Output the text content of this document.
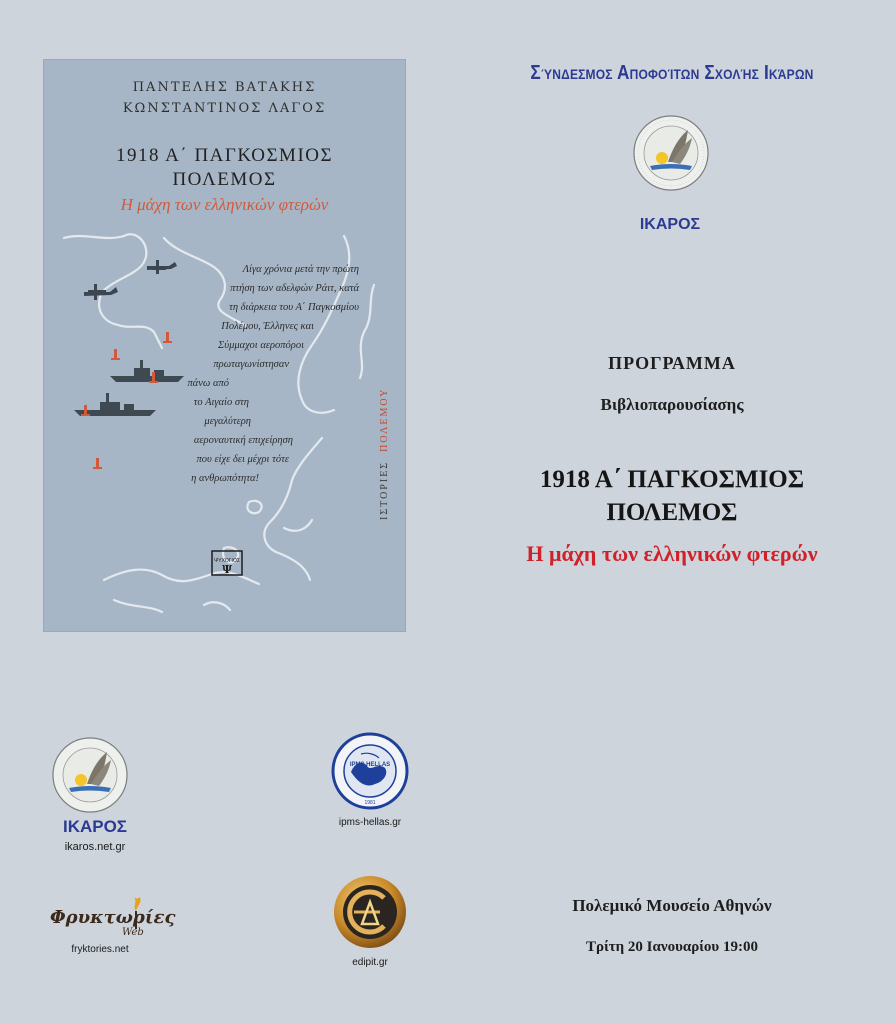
ΨΥΧΟΓΙΟΣ
Ψ
ΠΑΝΤΕΛΗΣ ΒΑΤΑΚΗΣ
ΚΩΝΣΤΑΝΤΙΝΟΣ ΛΑΓΟΣ
1918 Α΄ ΠΑΓΚΟΣΜΙΟΣ
ΠΟΛΕΜΟΣ
Η μάχη των ελληνικών φτερών
Λίγα χρόνια μετά την πρώτη
πτήση των αδελφών Ράιτ, κατά
τη διάρκεια του Α΄ Παγκοσμίου
Πολέμου, Έλληνες και
Σύμμαχοι αεροπόροι
πρωταγωνίστησαν
πάνω από
το Αιγαίο στη
μεγαλύτερη
αεροναυτική επιχείρηση
που είχε δει μέχρι τότε
η ανθρωπότητα!	ΙΣΤΟΡΙΕΣ  ΠΟΛΕΜΟΥ
Σύνδεσμος Αποφοίτων Σχολής Ικάρων
ΙΚΑΡΟΣ
ΠΡΟΓΡΑΜΜΑ
Βιβλιοπαρουσίασης
1918 Α΄ ΠΑΓΚΟΣΜΙΟΣ
ΠΟΛΕΜΟΣ
Η μάχη των ελληνικών φτερών
Πολεμικό Μουσείο Αθηνών
Τρίτη 20 Ιανουαρίου 19:00
ΙΚΑΡΟΣ
ikaros.net.gr
IPMS HELLAS
1981
ipms-hellas.gr
Φρυκτωρίες
Web
fryktories.net
edipit.gr
